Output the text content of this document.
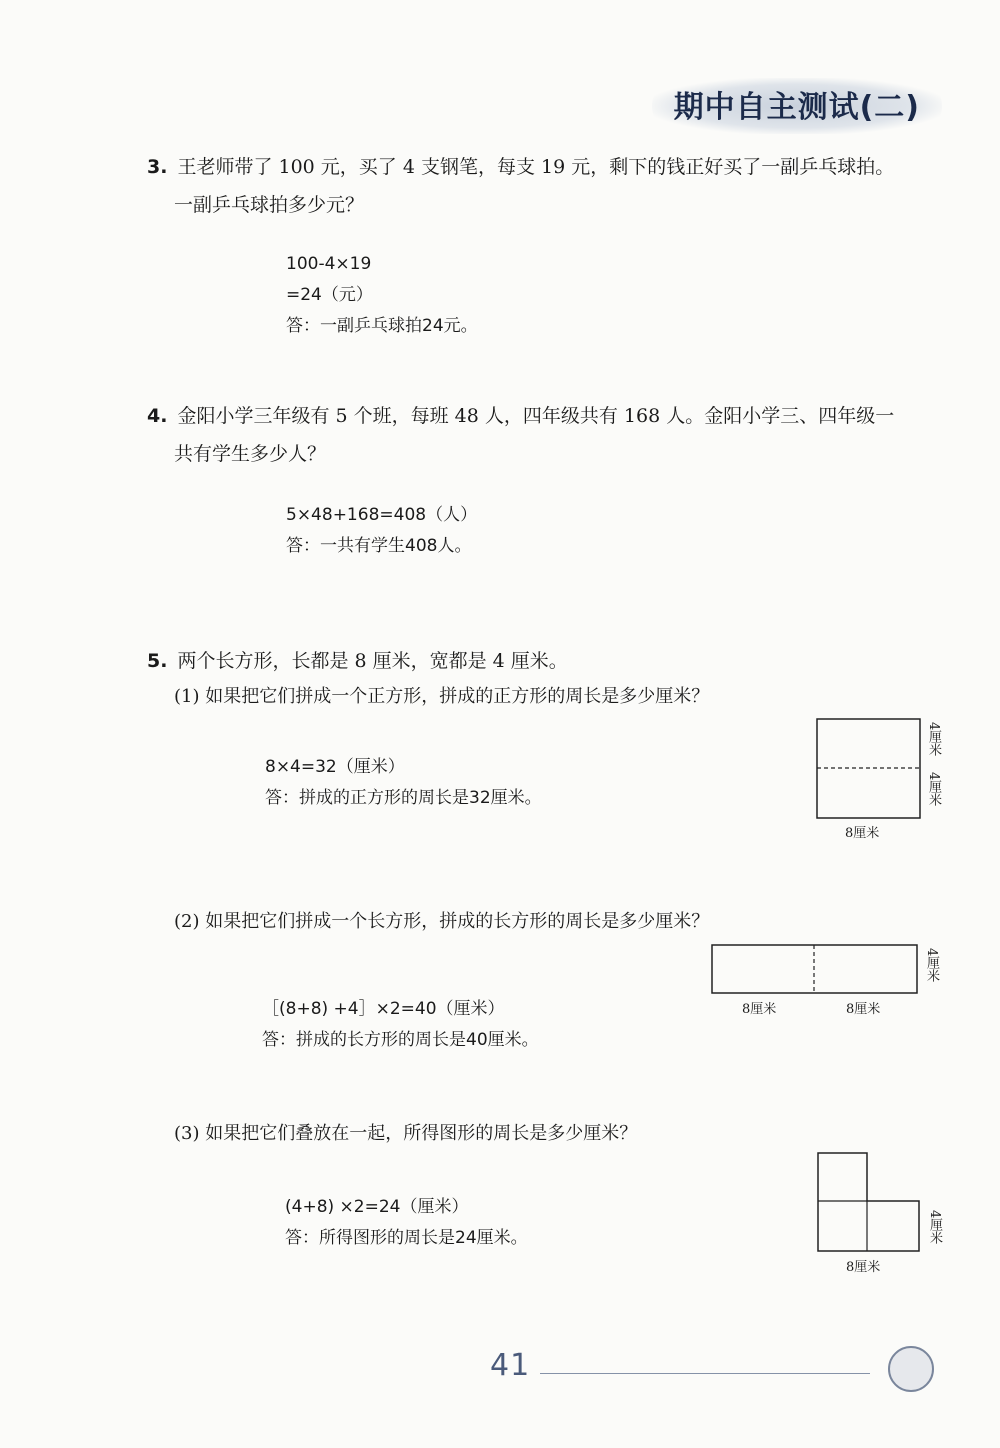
期中自主测试(二)
3. 王老师带了 100 元，买了 4 支钢笔，每支 19 元，剩下的钱正好买了一副乒乓球拍。
一副乒乓球拍多少元？
100-4×19
=24（元）
答：一副乒乓球拍24元。
4. 金阳小学三年级有 5 个班，每班 48 人，四年级共有 168 人。金阳小学三、四年级一
共有学生多少人？
5×48+168=408（人）
答：一共有学生408人。
5. 两个长方形，长都是 8 厘米，宽都是 4 厘米。
(1) 如果把它们拼成一个正方形，拼成的正方形的周长是多少厘米？
8×4=32（厘米）
答：拼成的正方形的周长是32厘米。
4厘米
4厘米
8厘米
(2) 如果把它们拼成一个长方形，拼成的长方形的周长是多少厘米？
［(8+8) +4］×2=40（厘米）
答：拼成的长方形的周长是40厘米。
4厘米
8厘米	8厘米
(3) 如果把它们叠放在一起，所得图形的周长是多少厘米？
(4+8) ×2=24（厘米）
答：所得图形的周长是24厘米。	4厘米
8厘米
41
